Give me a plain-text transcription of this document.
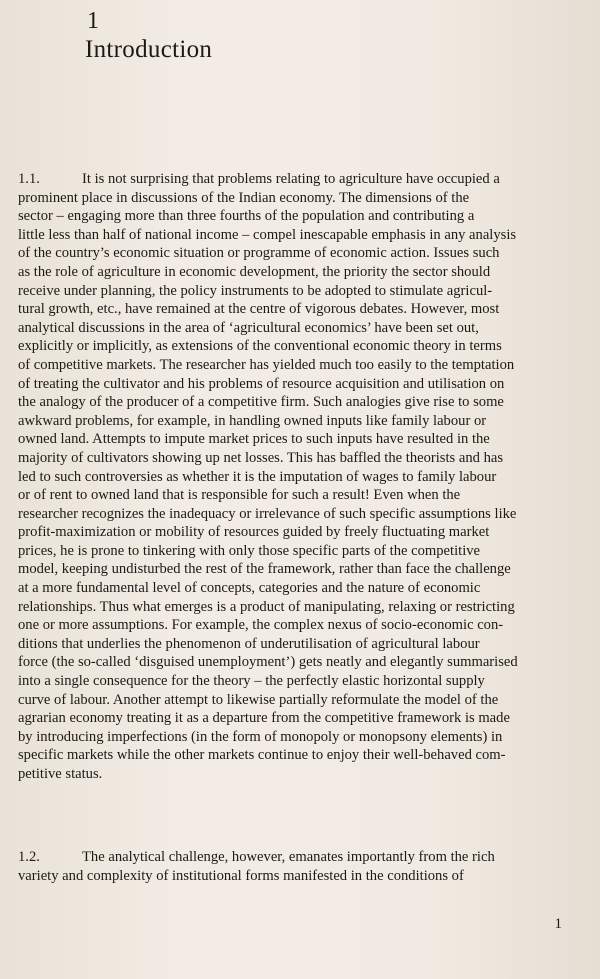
1
Introduction
1.1.	It is not surprising that problems relating to agriculture have occupied a
prominent place in discussions of the Indian economy. The dimensions of the
sector – engaging more than three fourths of the population and contributing a
little less than half of national income – compel inescapable emphasis in any analysis
of the country’s economic situation or programme of economic action. Issues such
as the role of agriculture in economic development, the priority the sector should
receive under planning, the policy instruments to be adopted to stimulate agricul-
tural growth, etc., have remained at the centre of vigorous debates. However, most
analytical discussions in the area of ‘agricultural economics’ have been set out,
explicitly or implicitly, as extensions of the conventional economic theory in terms
of competitive markets. The researcher has yielded much too easily to the temptation
of treating the cultivator and his problems of resource acquisition and utilisation on
the analogy of the producer of a competitive firm. Such analogies give rise to some
awkward problems, for example, in handling owned inputs like family labour or
owned land. Attempts to impute market prices to such inputs have resulted in the
majority of cultivators showing up net losses. This has baffled the theorists and has
led to such controversies as whether it is the imputation of wages to family labour
or of rent to owned land that is responsible for such a result! Even when the
researcher recognizes the inadequacy or irrelevance of such specific assumptions like
profit-maximization or mobility of resources guided by freely fluctuating market
prices, he is prone to tinkering with only those specific parts of the competitive
model, keeping undisturbed the rest of the framework, rather than face the challenge
at a more fundamental level of concepts, categories and the nature of economic
relationships. Thus what emerges is a product of manipulating, relaxing or restricting
one or more assumptions. For example, the complex nexus of socio-economic con-
ditions that underlies the phenomenon of underutilisation of agricultural labour
force (the so-called ‘disguised unemployment’) gets neatly and elegantly summarised
into a single consequence for the theory – the perfectly elastic horizontal supply
curve of labour. Another attempt to likewise partially reformulate the model of the
agrarian economy treating it as a departure from the competitive framework is made
by introducing imperfections (in the form of monopoly or monopsony elements) in
specific markets while the other markets continue to enjoy their well-behaved com-
petitive status.
1.2.	The analytical challenge, however, emanates importantly from the rich
variety and complexity of institutional forms manifested in the conditions of
1
